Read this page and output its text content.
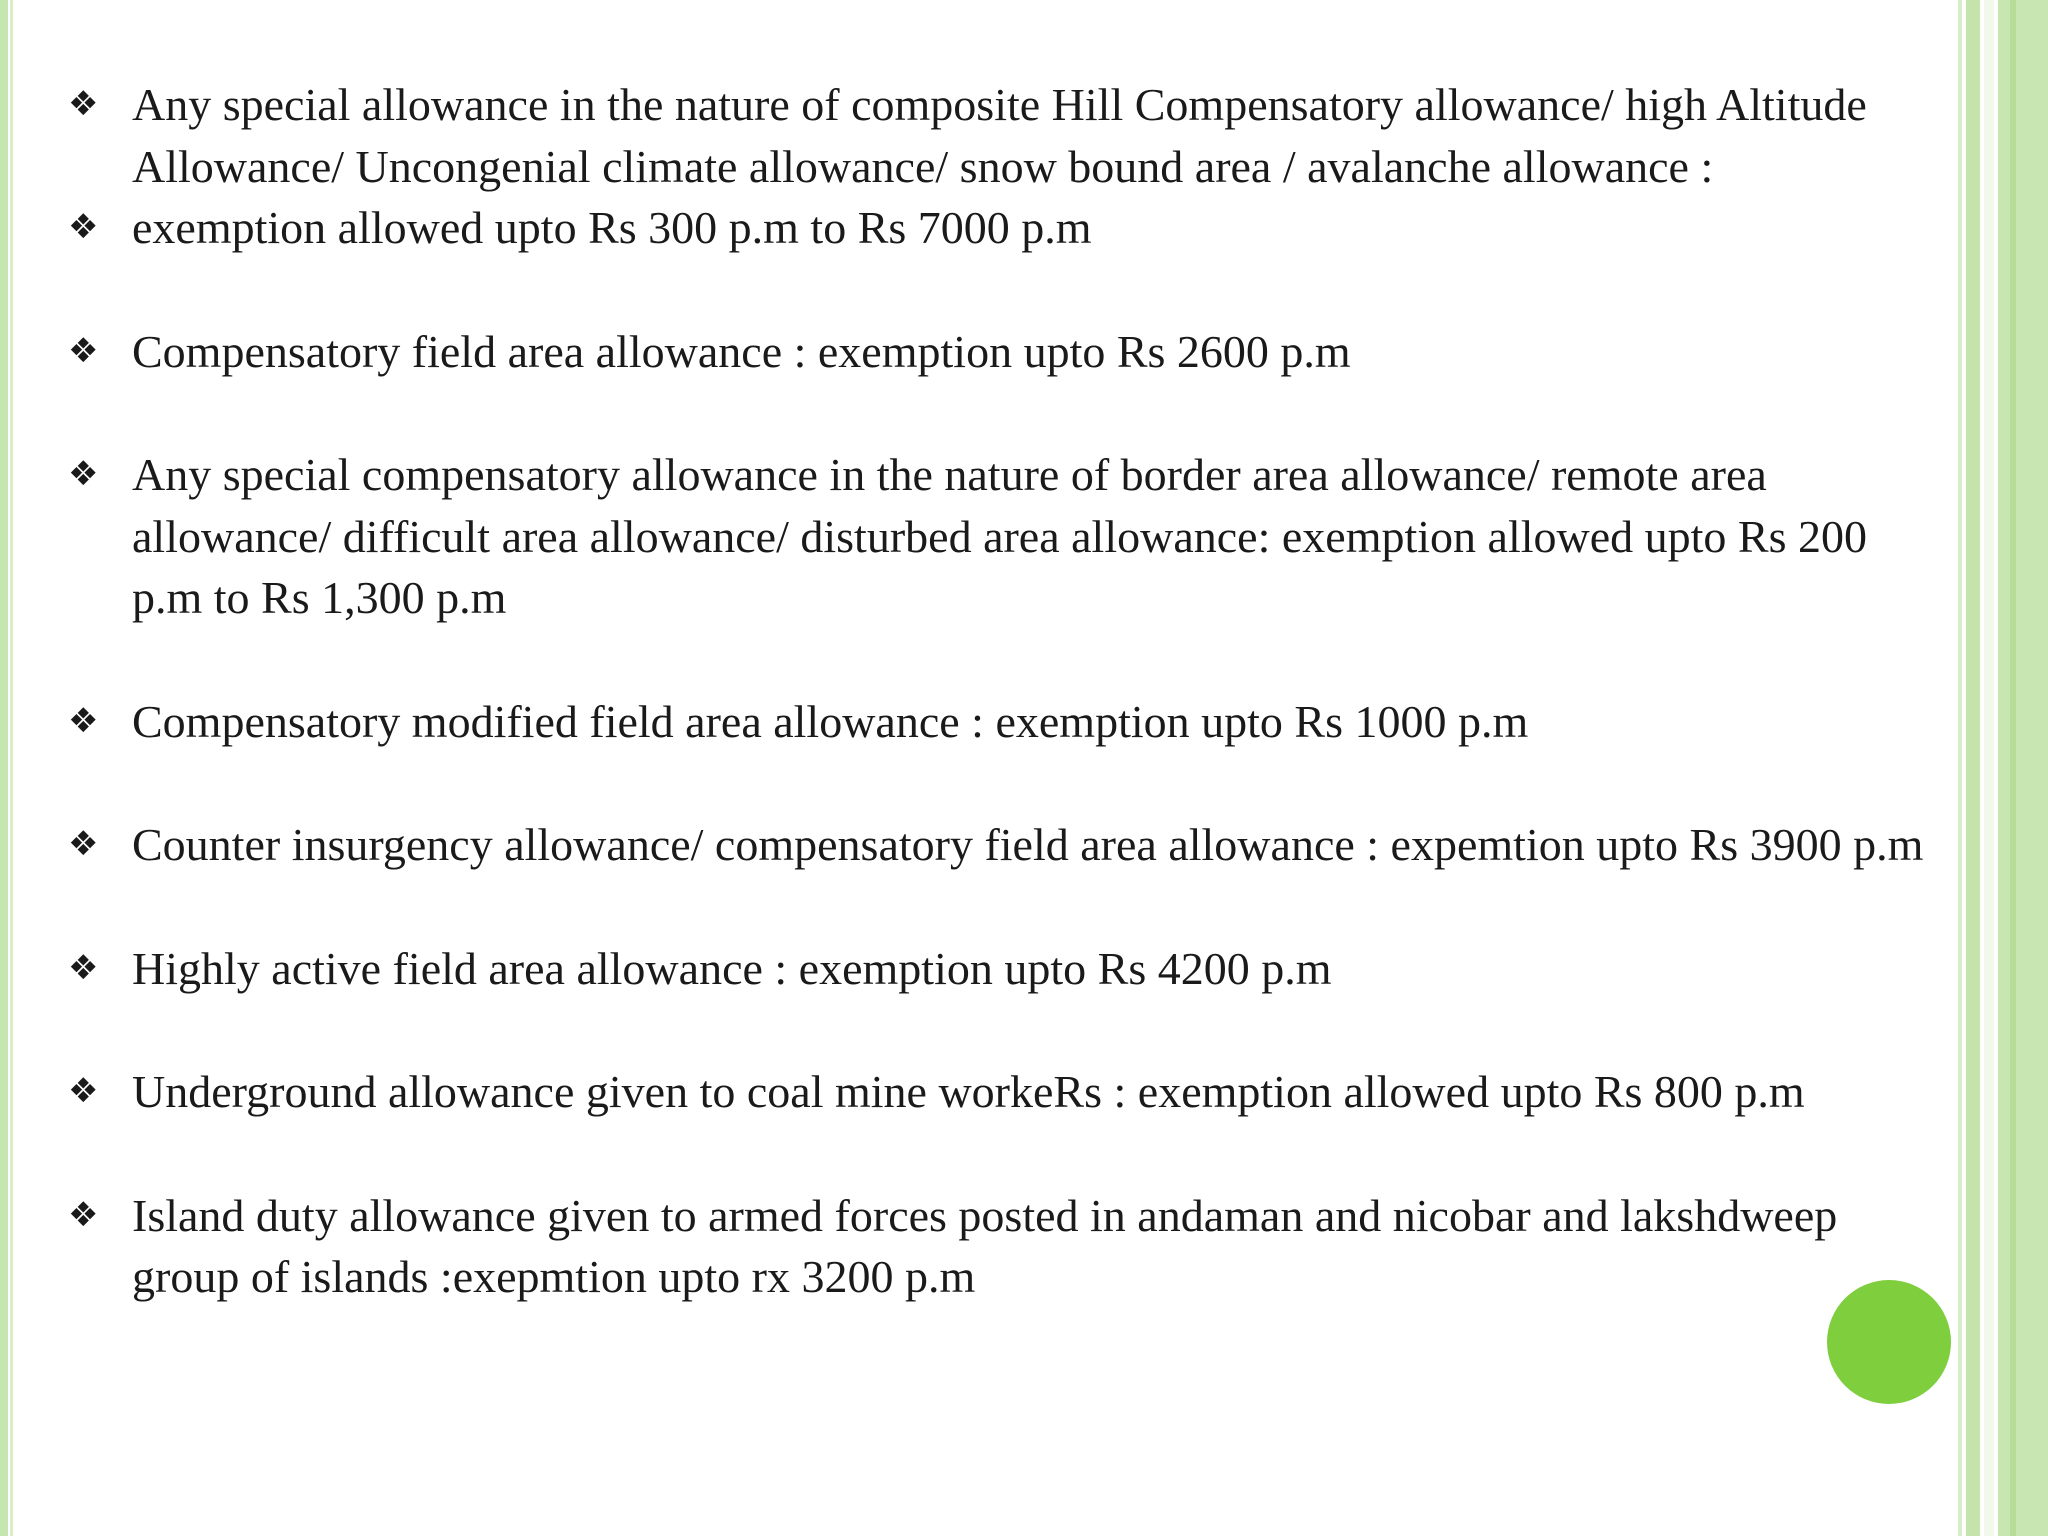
❖ Any special allowance in the nature of composite Hill Compensatory allowance/ high Altitude Allowance/ Uncongenial climate allowance/ snow bound area / avalanche allowance :
❖ exemption allowed upto Rs 300 p.m to Rs 7000 p.m
❖ Compensatory field area allowance : exemption upto Rs 2600 p.m
❖ Any special compensatory allowance in the nature of border area allowance/ remote area allowance/ difficult area allowance/ disturbed area allowance: exemption allowed upto Rs 200 p.m to Rs 1,300 p.m
❖ Compensatory modified field area allowance : exemption upto Rs 1000 p.m
❖ Counter insurgency allowance/ compensatory field area allowance : expemtion upto Rs 3900 p.m
❖ Highly active field area allowance : exemption upto Rs 4200 p.m
❖ Underground allowance given to coal mine workeRs : exemption allowed upto Rs 800 p.m
❖ Island duty allowance given to armed forces posted in andaman and nicobar and lakshdweep group of islands :exepmtion upto rx 3200 p.m
